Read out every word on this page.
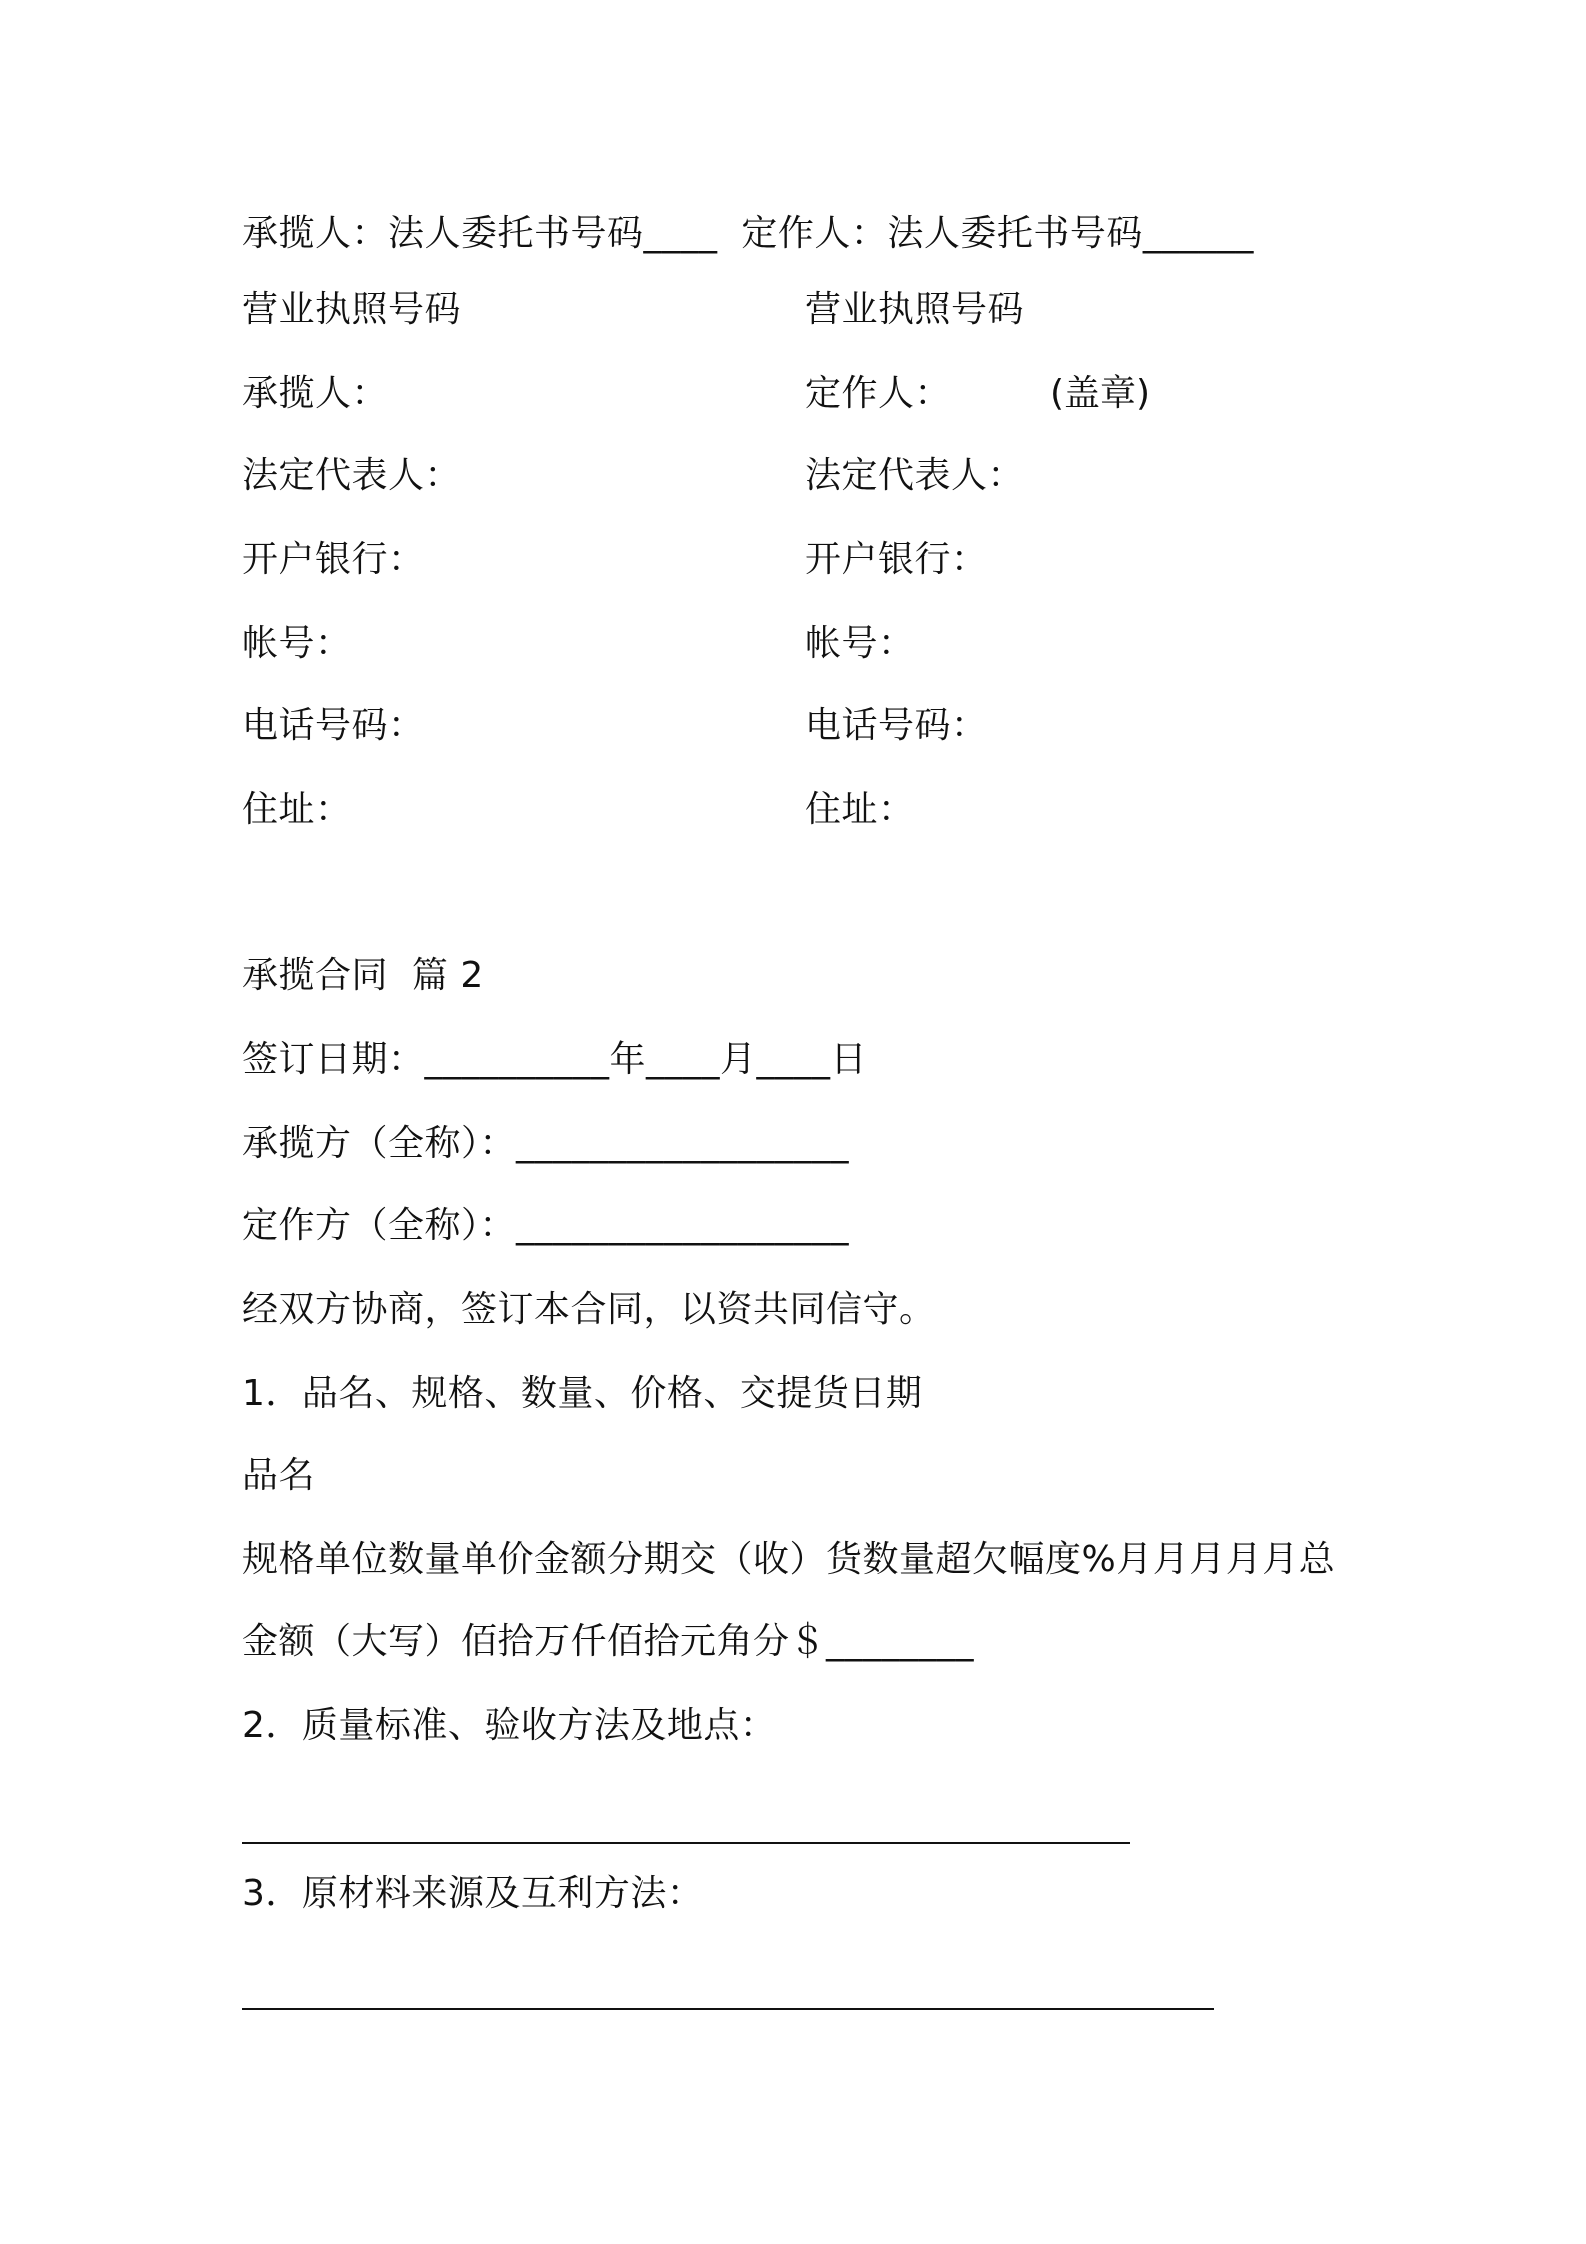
承揽人：法人委托书号码____  定作人：法人委托书号码______
营业执照号码	营业执照号码
承揽人：	定作人：	(盖章)
法定代表人：	法定代表人：
开户银行：	开户银行：
帐号：	帐号：
电话号码：	电话号码：
住址：	住址：
承揽合同  篇 2
签订日期：__________年____月____日
承揽方（全称）：__________________
定作方（全称）：__________________
经双方协商，签订本合同，以资共同信守。
1．品名、规格、数量、价格、交提货日期
品名
规格单位数量单价金额分期交（收）货数量超欠幅度%月月月月月总
金额（大写）佰拾万仟佰拾元角分＄________
2．质量标准、验收方法及地点：
3．原材料来源及互利方法：
